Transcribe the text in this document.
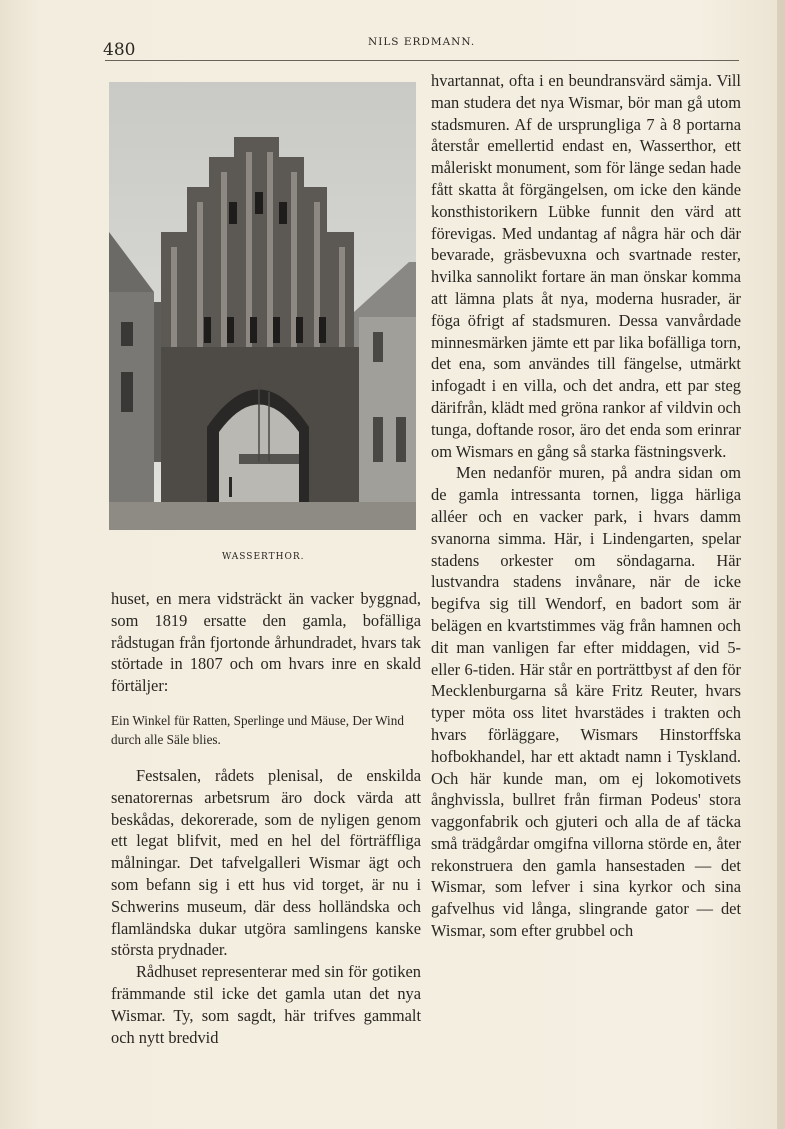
480	NILS ERDMANN.
WASSERTHOR.

huset, en mera vidsträckt än vacker byggnad, som 1819 ersatte den gamla, bofälliga rådstugan från fjortonde århundradet, hvars tak störtade in 1807 och om hvars inre en skald förtäljer:

Ein Winkel für Ratten, Sperlinge und Mäuse, Der Wind durch alle Säle blies.

Festsalen, rådets plenisal, de enskilda senatorernas arbetsrum äro dock värda att beskådas, dekorerade, som de nyligen genom ett legat blifvit, med en hel del förträffliga målningar. Det tafvelgalleri Wismar ägt och som befann sig i ett hus vid torget, är nu i Schwerins museum, där dess holländska och flamländska dukar utgöra samlingens kanske största prydnader.

Rådhuset representerar med sin för gotiken främmande stil icke det gamla utan det nya Wismar. Ty, som sagdt, här trifves gammalt och nytt bredvid

hvartannat, ofta i en beundransvärd sämja. Vill man studera det nya Wismar, bör man gå utom stadsmuren. Af de ursprungliga 7 à 8 portarna återstår emellertid endast en, Wasserthor, ett måleriskt monument, som för länge sedan hade fått skatta åt förgängelsen, om icke den kände konsthistorikern Lübke funnit den värd att förevigas. Med undantag af några här och där bevarade, gräsbevuxna och svartnade rester, hvilka sannolikt fortare än man önskar komma att lämna plats åt nya, moderna husrader, är föga öfrigt af stadsmuren. Dessa vanvårdade minnesmärken jämte ett par lika bofälliga torn, det ena, som användes till fängelse, utmärkt infogadt i en villa, och det andra, ett par steg därifrån, klädt med gröna rankor af vildvin och tunga, doftande rosor, äro det enda som erinrar om Wismars en gång så starka fästningsverk.

Men nedanför muren, på andra sidan om de gamla intressanta tornen, ligga härliga alléer och en vacker park, i hvars damm svanorna simma. Här, i Lindengarten, spelar stadens orkester om söndagarna. Här lustvandra stadens invånare, när de icke begifva sig till Wendorf, en badort som är belägen en kvartstimmes väg från hamnen och dit man vanligen far efter middagen, vid 5- eller 6-tiden. Här står en porträttbyst af den för Mecklenburgarna så käre Fritz Reuter, hvars typer möta oss litet hvarstädes i trakten och hvars förläggare, Wismars Hinstorffska hofbokhandel, har ett aktadt namn i Tyskland. Och här kunde man, om ej lokomotivets ånghvissla, bullret från firman Podeus' stora vaggonfabrik och gjuteri och alla de af täcka små trädgårdar omgifna villorna störde en, åter rekonstruera den gamla hansestaden — det Wismar, som lefver i sina kyrkor och sina gafvelhus vid långa, slingrande gator — det Wismar, som efter grubbel och
